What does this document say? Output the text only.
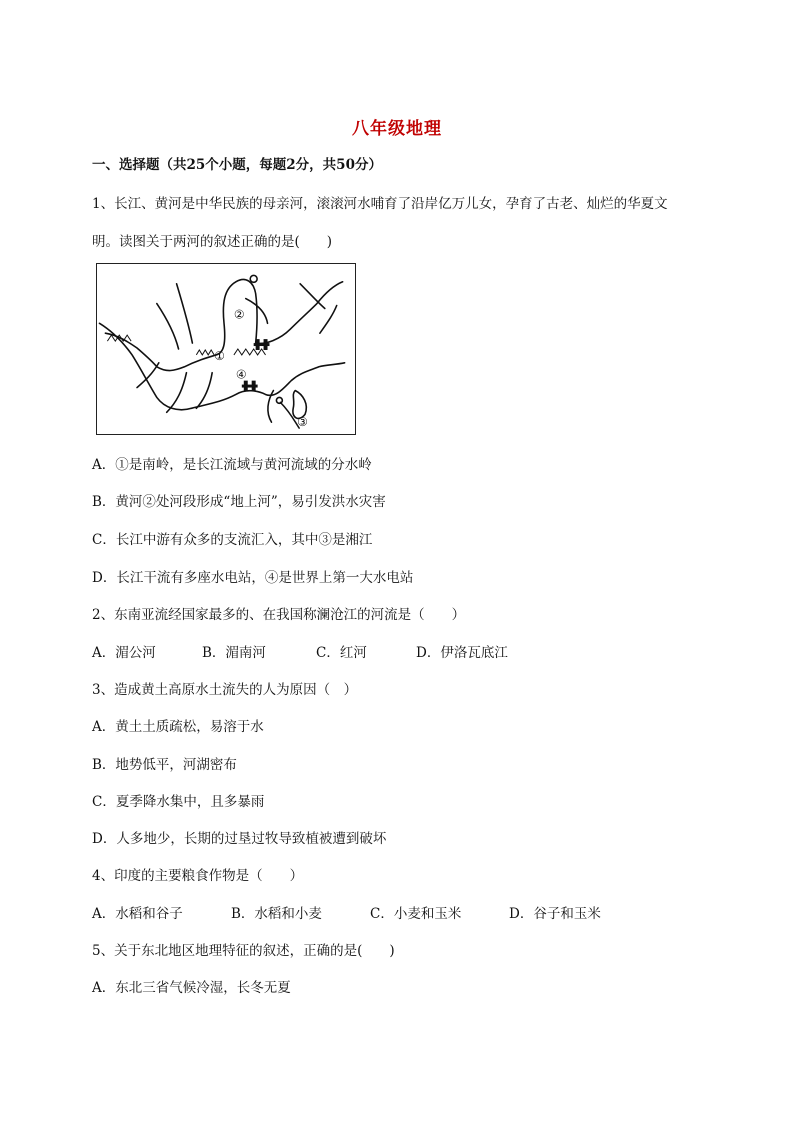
八年级地理
一、选择题（共25个小题，每题2分，共50分）
1、长江、黄河是中华民族的母亲河，滚滚河水哺育了沿岸亿万儿女，孕育了古老、灿烂的华夏文
明。读图关于两河的叙述正确的是(　　)
②
①
④
③
A．①是南岭，是长江流域与黄河流域的分水岭
B．黄河②处河段形成“地上河”，易引发洪水灾害
C．长江中游有众多的支流汇入，其中③是湘江
D．长江干流有多座水电站，④是世界上第一大水电站
2、东南亚流经国家最多的、在我国称澜沧江的河流是（　　）
A．湄公河	B．湄南河	C．红河	D．伊洛瓦底江
3、造成黄土高原水土流失的人为原因（　）
A．黄土土质疏松，易溶于水
B．地势低平，河湖密布
C．夏季降水集中，且多暴雨
D．人多地少，长期的过垦过牧导致植被遭到破坏
4、印度的主要粮食作物是（　　）
A．水稻和谷子	B．水稻和小麦	C．小麦和玉米	D．谷子和玉米
5、关于东北地区地理特征的叙述，正确的是(　　)
A．东北三省气候冷湿，长冬无夏
